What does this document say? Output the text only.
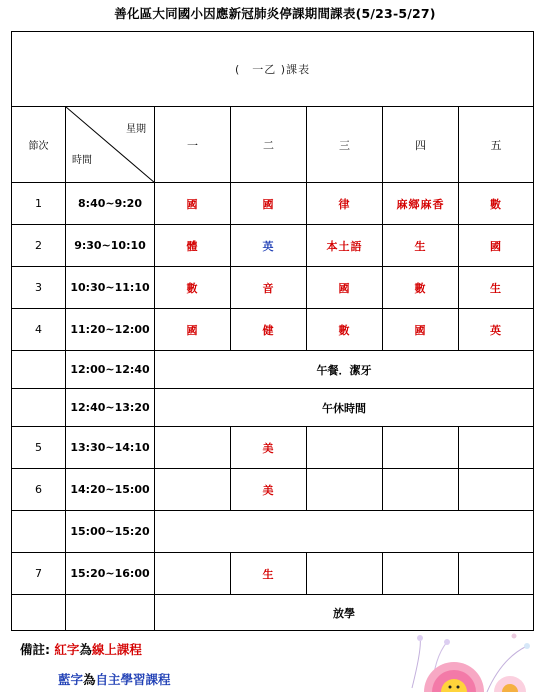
善化區大同國小因應新冠肺炎停課期間課表(5/23-5/27)
(　一乙 )課表						
節次	星期
時間	一	二	三	四	五
1	8:40~9:20	國	國	律	麻鄉麻香	數
2	9:30~10:10	體	英	本土語	生	國
3	10:30~11:10	數	音	國	數	生
4	11:20~12:00	國	健	數	國	英
	12:00~12:40	午餐．潔牙				
	12:40~13:20	午休時間				
5	13:30~14:10		美			
6	14:20~15:00		美			
	15:00~15:20					
7	15:20~16:00		生			
		放學				
備註: 紅字為線上課程
藍字為自主學習課程
